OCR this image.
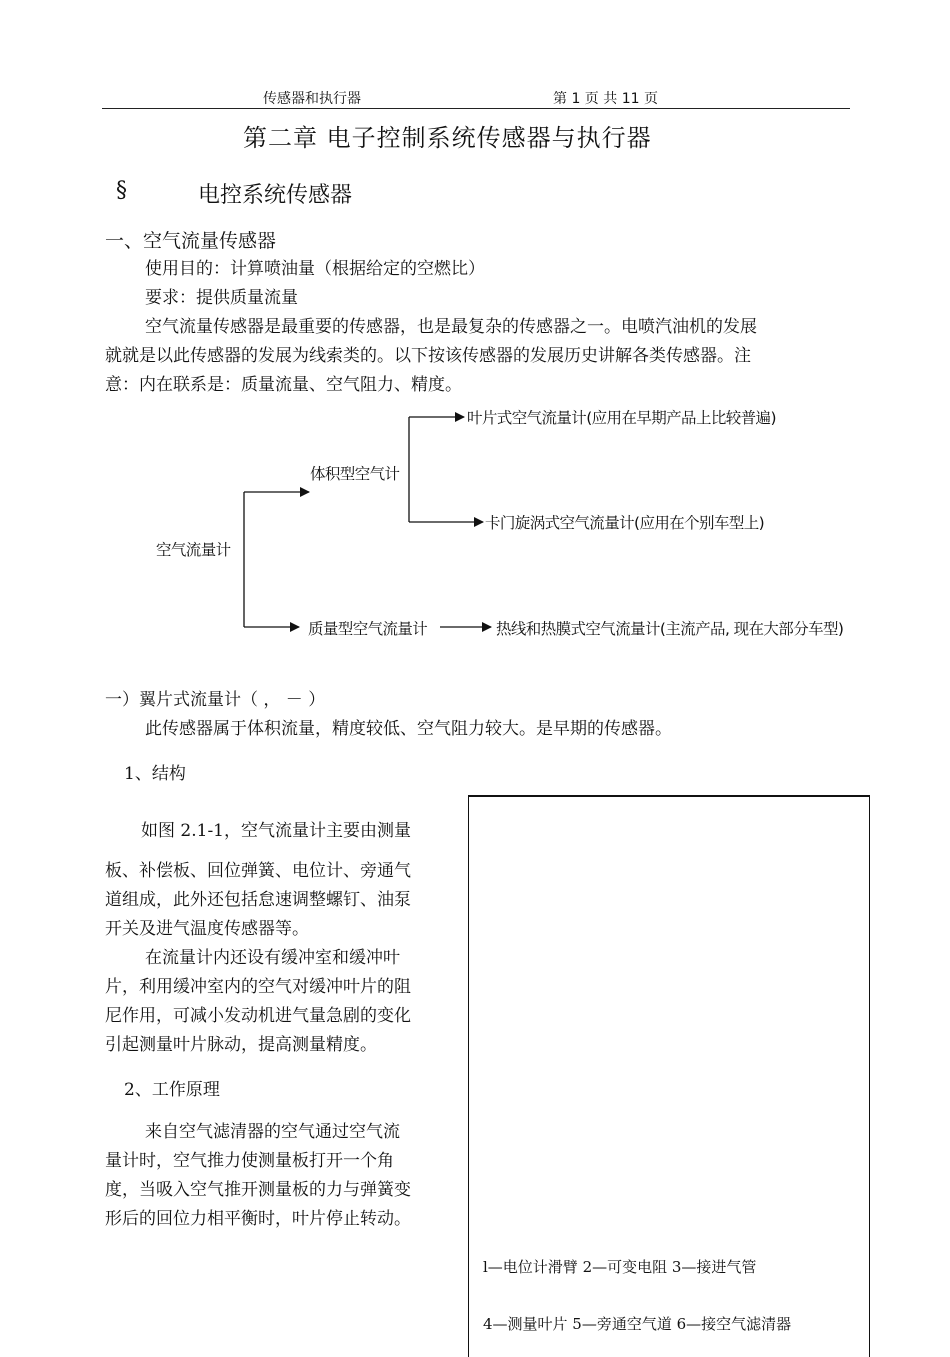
传感器和执行器	第 1 页 共 11 页
第二章 电子控制系统传感器与执行器
§	电控系统传感器
一、空气流量传感器
使用目的：计算喷油量（根据给定的空燃比）
要求：提供质量流量
空气流量传感器是最重要的传感器，也是最复杂的传感器之一。电喷汽油机的发展
就就是以此传感器的发展为线索类的。以下按该传感器的发展历史讲解各类传感器。注
意：内在联系是：质量流量、空气阻力、精度。
空气流量计
体积型空气计
叶片式空气流量计(应用在早期产品上比较普遍)
卡门旋涡式空气流量计(应用在个别车型上)
质量型空气流量计	热线和热膜式空气流量计(主流产品, 现在大部分车型)
一）翼片式流量计（ ， － ）
此传感器属于体积流量，精度较低、空气阻力较大。是早期的传感器。
1、结构
如图 2.1-1，空气流量计主要由测量
板、补偿板、回位弹簧、电位计、旁通气
道组成，此外还包括怠速调整螺钉、油泵
开关及进气温度传感器等。
在流量计内还设有缓冲室和缓冲叶
片，利用缓冲室内的空气对缓冲叶片的阻
尼作用，可减小发动机进气量急剧的变化
引起测量叶片脉动，提高测量精度。
2、工作原理
来自空气滤清器的空气通过空气流
量计时，空气推力使测量板打开一个角
度，当吸入空气推开测量板的力与弹簧变
形后的回位力相平衡时，叶片停止转动。
l—电位计滑臂 2—可变电阻 3—接进气管
4—测量叶片 5—旁通空气道 6—接空气滤清器
